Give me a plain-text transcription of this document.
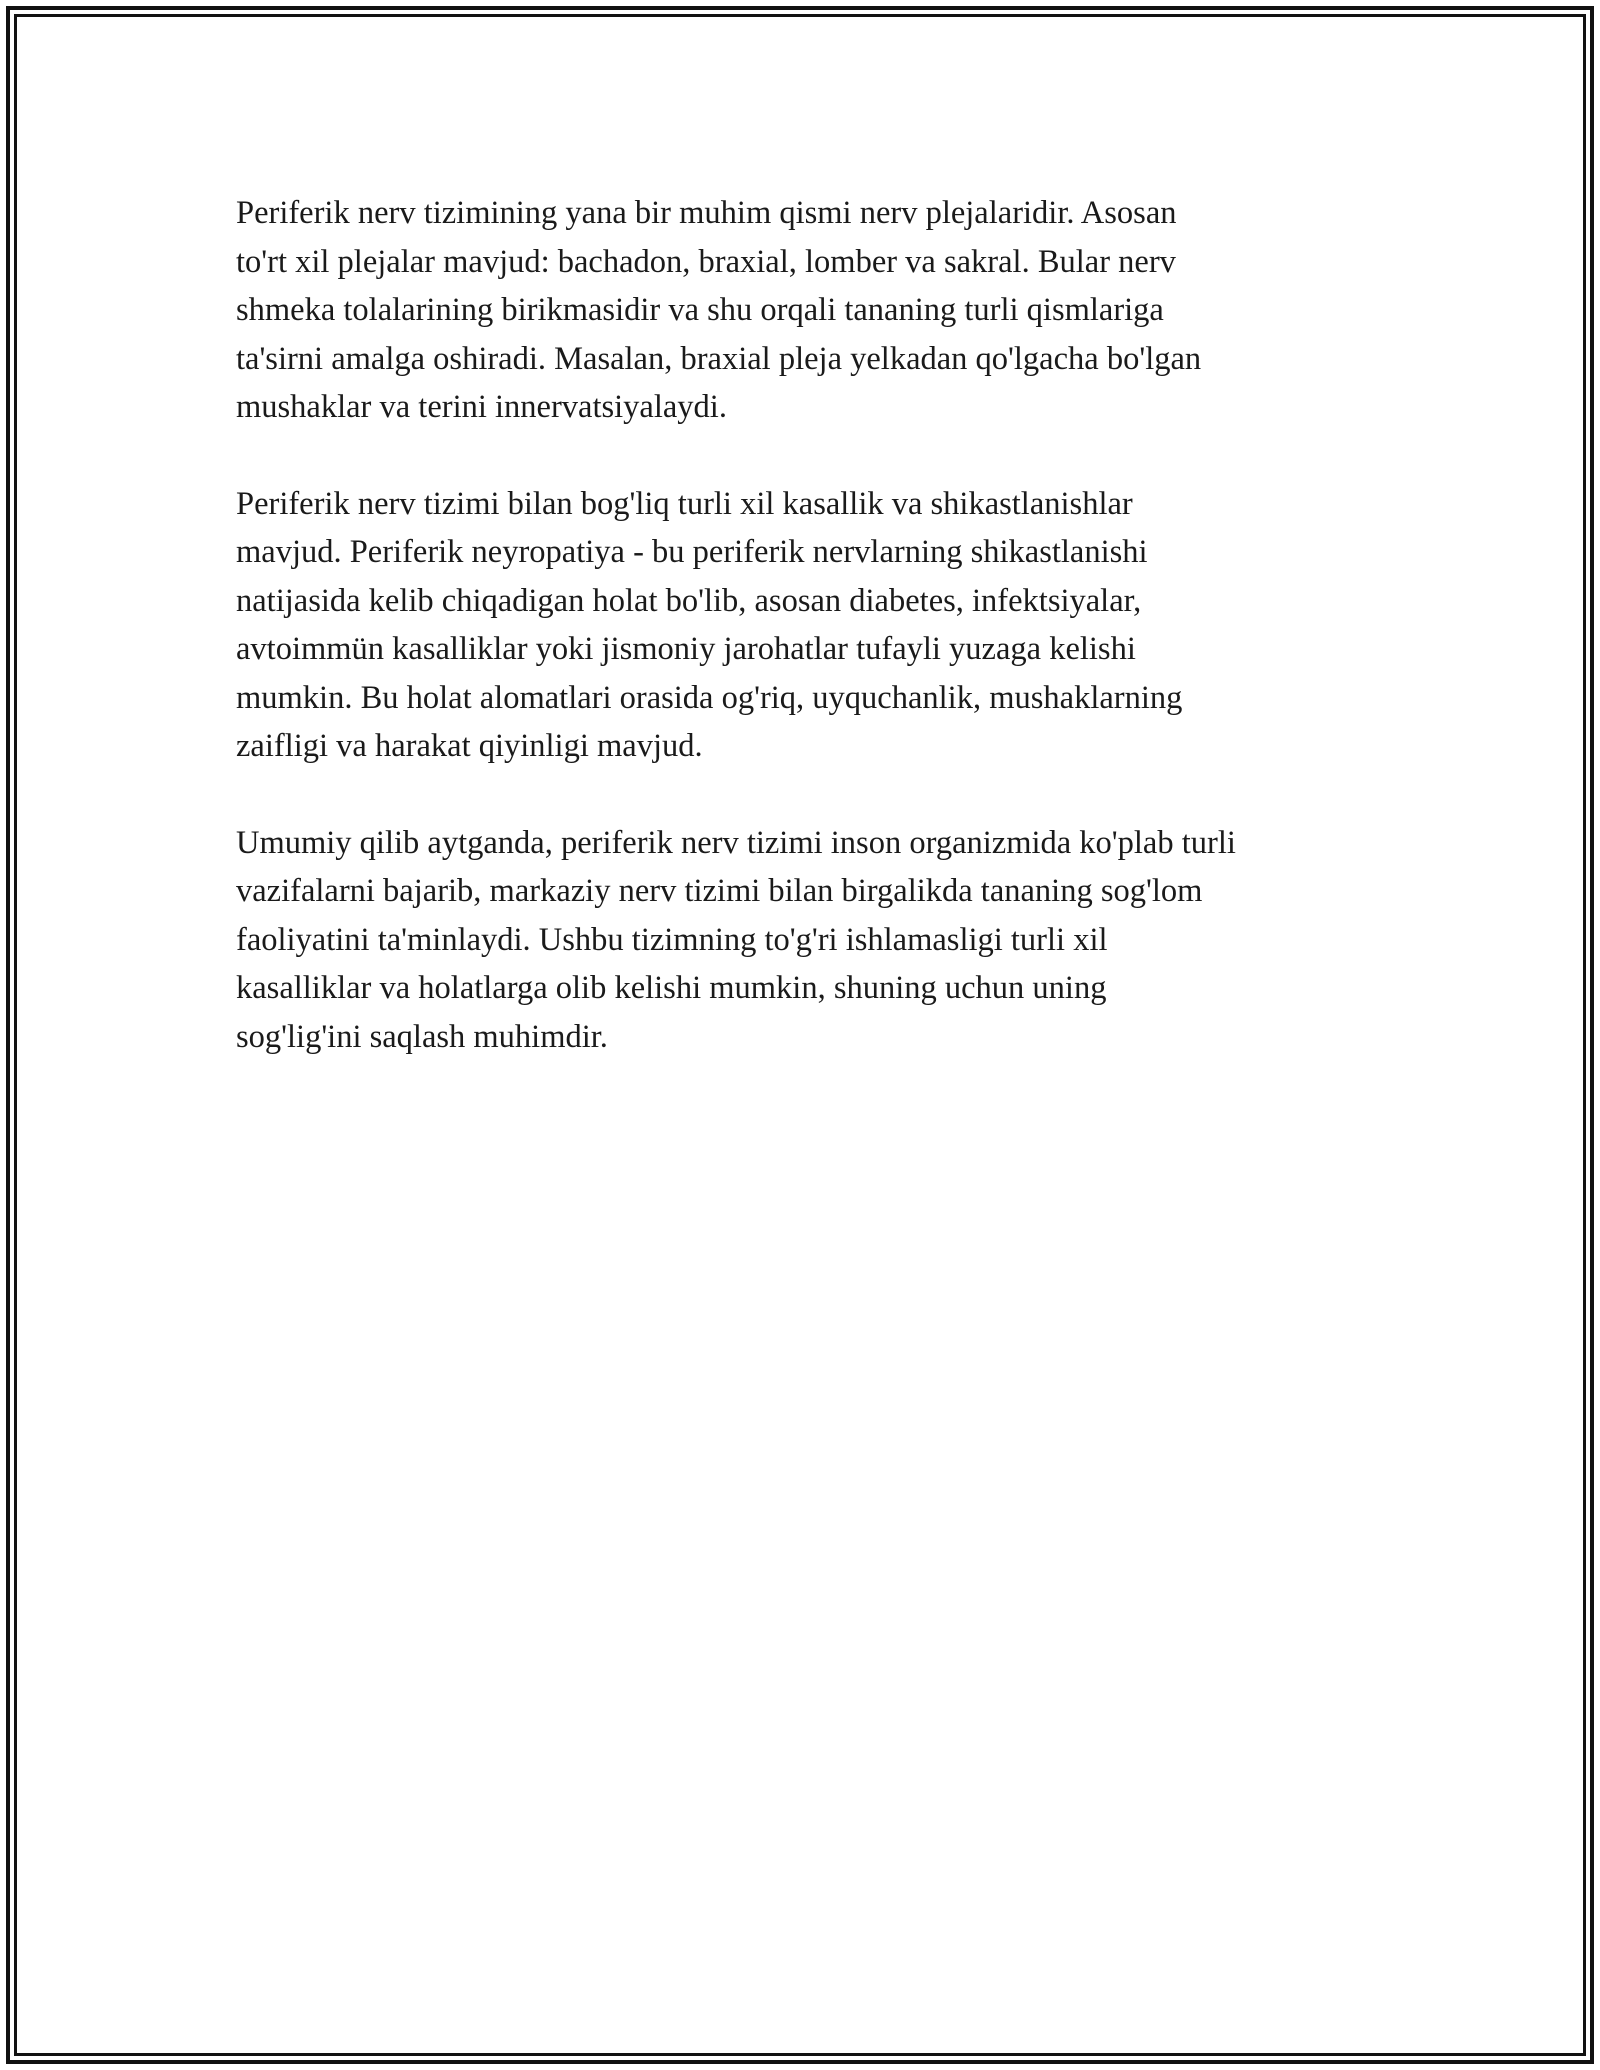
Periferik nerv tizimining yana bir muhim qismi nerv plejalaridir. Asosan
to'rt xil plejalar mavjud: bachadon, braxial, lomber va sakral. Bular nerv
shmeka tolalarining birikmasidir va shu orqali tananing turli qismlariga
ta'sirni amalga oshiradi. Masalan, braxial pleja yelkadan qo'lgacha bo'lgan
mushaklar va terini innervatsiyalaydi.

Periferik nerv tizimi bilan bog'liq turli xil kasallik va shikastlanishlar
mavjud. Periferik neyropatiya - bu periferik nervlarning shikastlanishi
natijasida kelib chiqadigan holat bo'lib, asosan diabetes, infektsiyalar,
avtoimmün kasalliklar yoki jismoniy jarohatlar tufayli yuzaga kelishi
mumkin. Bu holat alomatlari orasida og'riq, uyquchanlik, mushaklarning
zaifligi va harakat qiyinligi mavjud.

Umumiy qilib aytganda, periferik nerv tizimi inson organizmida ko'plab turli
vazifalarni bajarib, markaziy nerv tizimi bilan birgalikda tananing sog'lom
faoliyatini ta'minlaydi. Ushbu tizimning to'g'ri ishlamasligi turli xil
kasalliklar va holatlarga olib kelishi mumkin, shuning uchun uning
sog'lig'ini saqlash muhimdir.
